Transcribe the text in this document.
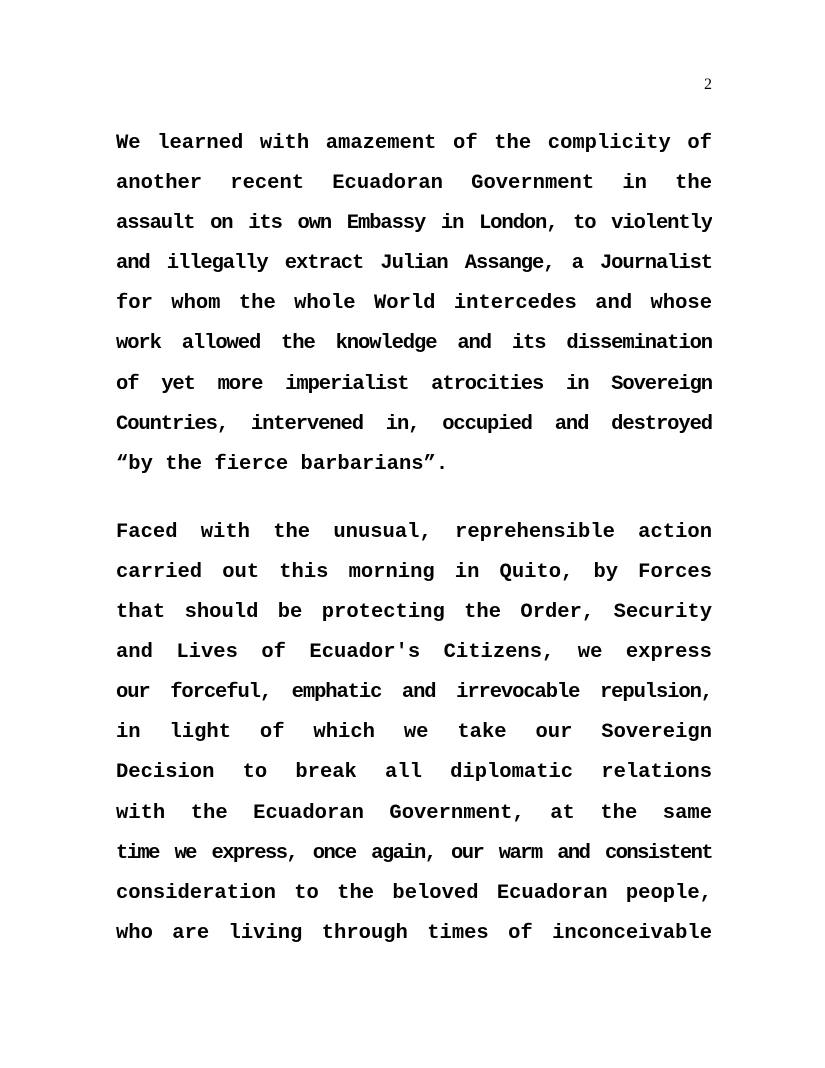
2
We learned with amazement of the complicity of
another recent Ecuadoran Government in the
assault on its own Embassy in London, to violently
and illegally extract Julian Assange, a Journalist
for whom the whole World intercedes and whose
work allowed the knowledge and its dissemination
of yet more imperialist atrocities in Sovereign
Countries, intervened in, occupied and destroyed
“by the fierce barbarians”.
Faced with the unusual, reprehensible action
carried out this morning in Quito, by Forces
that should be protecting the Order, Security
and Lives of Ecuador's Citizens, we express
our forceful, emphatic and irrevocable repulsion,
in light of which we take our Sovereign
Decision to break all diplomatic relations
with the Ecuadoran Government, at the same
time we express, once again, our warm and consistent
consideration to the beloved Ecuadoran people,
who are living through times of inconceivable
